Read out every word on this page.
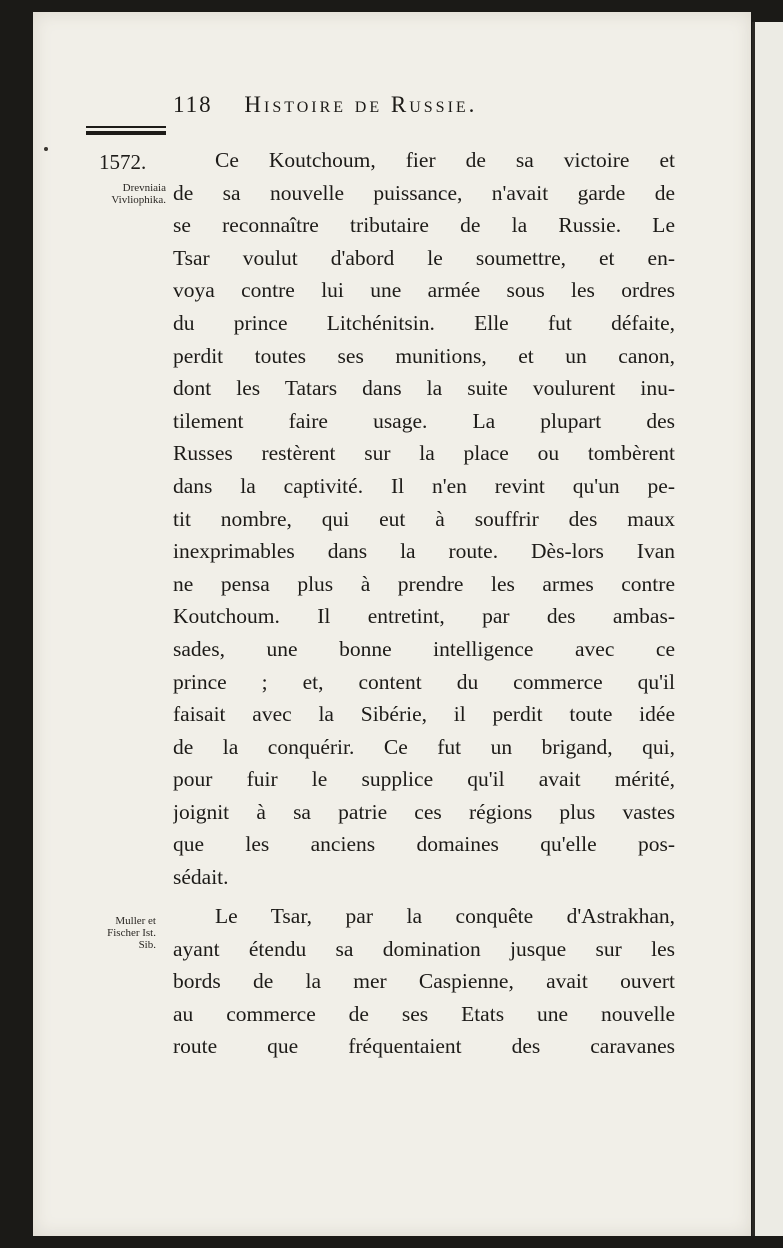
118 Histoire de Russie.
1572.
Drevniaia
Vivliophika.
Muller et
Fischer Ist.
Sib.
Ce Koutchoum, fier de sa victoire et
de sa nouvelle puissance, n'avait garde de
se reconnaître tributaire de la Russie. Le
Tsar voulut d'abord le soumettre, et en-
voya contre lui une armée sous les ordres
du prince Litchénitsin. Elle fut défaite,
perdit toutes ses munitions, et un canon,
dont les Tatars dans la suite voulurent inu-
tilement faire usage. La plupart des
Russes restèrent sur la place ou tombèrent
dans la captivité. Il n'en revint qu'un pe-
tit nombre, qui eut à souffrir des maux
inexprimables dans la route. Dès-lors Ivan
ne pensa plus à prendre les armes contre
Koutchoum. Il entretint, par des ambas-
sades, une bonne intelligence avec ce
prince ; et, content du commerce qu'il
faisait avec la Sibérie, il perdit toute idée
de la conquérir. Ce fut un brigand, qui,
pour fuir le supplice qu'il avait mérité,
joignit à sa patrie ces régions plus vastes
que les anciens domaines qu'elle pos-
sédait.
Le Tsar, par la conquête d'Astrakhan,
ayant étendu sa domination jusque sur les
bords de la mer Caspienne, avait ouvert
au commerce de ses Etats une nouvelle
route que fréquentaient des caravanes
